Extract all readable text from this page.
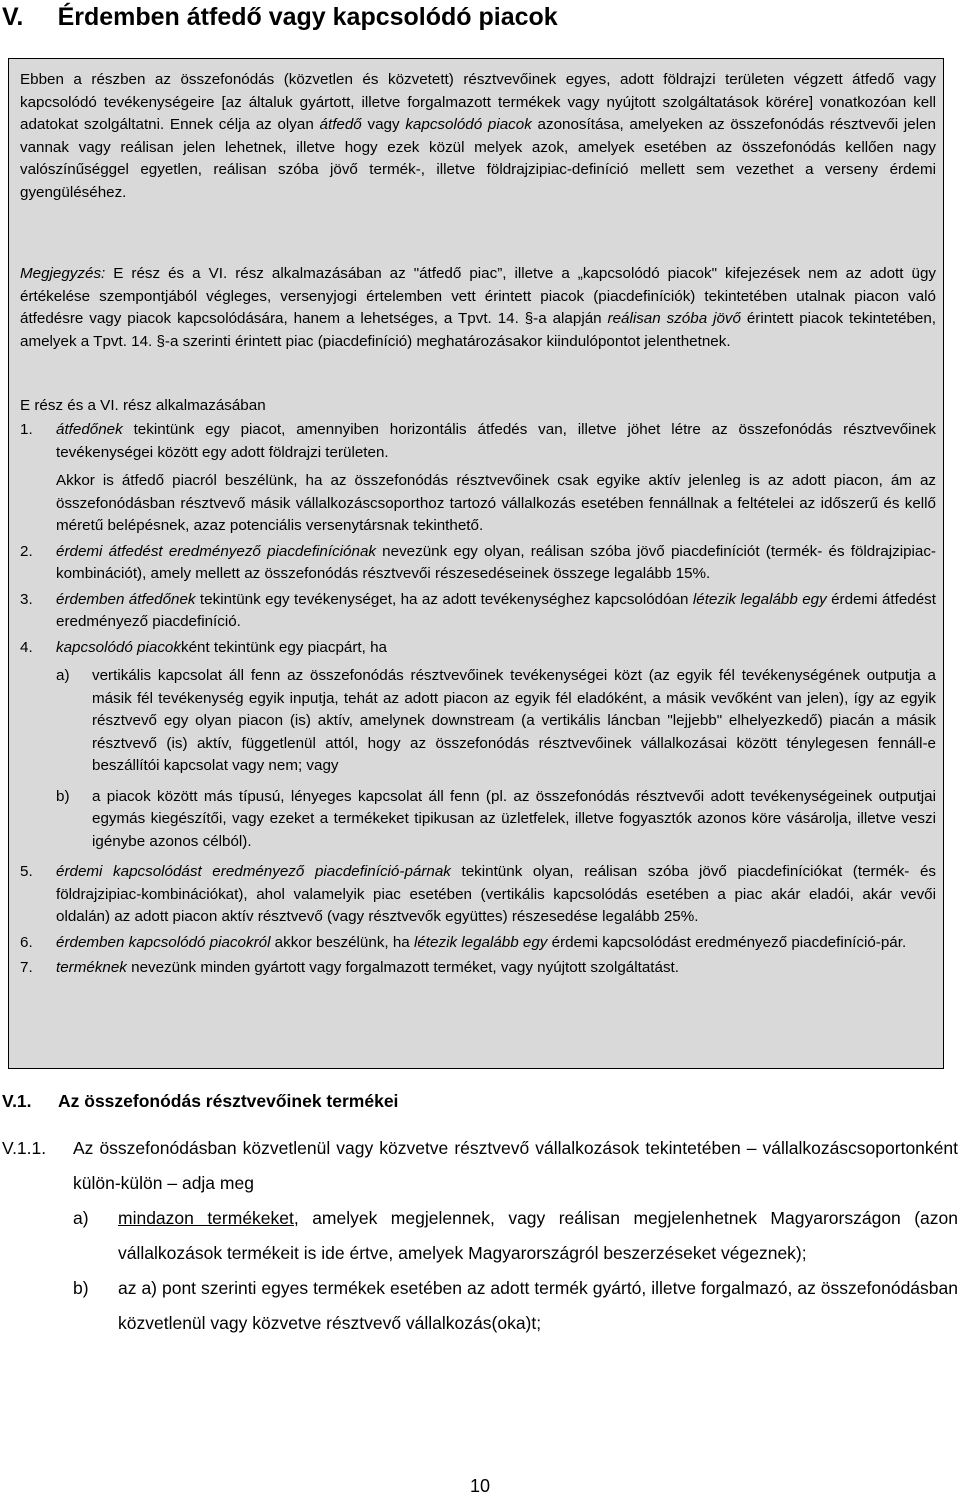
V.	Érdemben átfedő vagy kapcsolódó piacok

Ebben a részben az összefonódás (közvetlen és közvetett) résztvevőinek egyes, adott földrajzi területen végzett átfedő vagy kapcsolódó tevékenységeire [az általuk gyártott, illetve forgalmazott termékek vagy nyújtott szolgáltatások körére] vonatkozóan kell adatokat szolgáltatni. Ennek célja az olyan átfedő vagy kapcsolódó piacok azonosítása, amelyeken az összefonódás résztvevői jelen vannak vagy reálisan jelen lehetnek, illetve hogy ezek közül melyek azok, amelyek esetében az összefonódás kellően nagy valószínűséggel egyetlen, reálisan szóba jövő termék-, illetve földrajzipiac-definíció mellett sem vezethet a verseny érdemi gyengüléséhez.

Megjegyzés: E rész és a VI. rész alkalmazásában az "átfedő piac”, illetve a „kapcsolódó piacok" kifejezések nem az adott ügy értékelése szempontjából végleges, versenyjogi értelemben vett érintett piacok (piacdefiníciók) tekintetében utalnak piacon való átfedésre vagy piacok kapcsolódására, hanem a lehetséges, a Tpvt. 14. §-a alapján reálisan szóba jövő érintett piacok tekintetében, amelyek a Tpvt. 14. §-a szerinti érintett piac (piacdefiníció) meghatározásakor kiindulópontot jelenthetnek.

E rész és a VI. rész alkalmazásában

1. átfedőnek tekintünk egy piacot, amennyiben horizontális átfedés van, illetve jöhet létre az összefonódás résztvevőinek tevékenységei között egy adott földrajzi területen.
Akkor is átfedő piacról beszélünk, ha az összefonódás résztvevőinek csak egyike aktív jelenleg is az adott piacon, ám az összefonódásban résztvevő másik vállalkozáscsoporthoz tartozó vállalkozás esetében fennállnak a feltételei az időszerű és kellő méretű belépésnek, azaz potenciális versenytársnak tekinthető.
2. érdemi átfedést eredményező piacdefiníciónak nevezünk egy olyan, reálisan szóba jövő piacdefiníciót (termék- és földrajzipiac-kombinációt), amely mellett az összefonódás résztvevői részesedéseinek összege legalább 15%.
3. érdemben átfedőnek tekintünk egy tevékenységet, ha az adott tevékenységhez kapcsolódóan létezik legalább egy érdemi átfedést eredményező piacdefiníció.
4. kapcsolódó piacokként tekintünk egy piacpárt, ha
a) vertikális kapcsolat áll fenn az összefonódás résztvevőinek tevékenységei közt (az egyik fél tevékenységének outputja a másik fél tevékenység egyik inputja, tehát az adott piacon az egyik fél eladóként, a másik vevőként van jelen), így az egyik résztvevő egy olyan piacon (is) aktív, amelynek downstream (a vertikális láncban "lejjebb" elhelyezkedő) piacán a másik résztvevő (is) aktív, függetlenül attól, hogy az összefonódás résztvevőinek vállalkozásai között ténylegesen fennáll-e beszállítói kapcsolat vagy nem; vagy
b) a piacok között más típusú, lényeges kapcsolat áll fenn (pl. az összefonódás résztvevői adott tevékenységeinek outputjai egymás kiegészítői, vagy ezeket a termékeket tipikusan az üzletfelek, illetve fogyasztók azonos köre vásárolja, illetve veszi igénybe azonos célból).
5. érdemi kapcsolódást eredményező piacdefiníció-párnak tekintünk olyan, reálisan szóba jövő piacdefiníciókat (termék- és földrajzipiac-kombinációkat), ahol valamelyik piac esetében (vertikális kapcsolódás esetében a piac akár eladói, akár vevői oldalán) az adott piacon aktív résztvevő (vagy résztvevők együttes) részesedése legalább 25%.
6. érdemben kapcsolódó piacokról akkor beszélünk, ha létezik legalább egy érdemi kapcsolódást eredményező piacdefiníció-pár.
7. terméknek nevezünk minden gyártott vagy forgalmazott terméket, vagy nyújtott szolgáltatást.
V.1. Az összefonódás résztvevőinek termékei
V.1.1. Az összefonódásban közvetlenül vagy közvetve résztvevő vállalkozások tekintetében – vállalkozáscsoportonként külön-külön – adja meg
a) mindazon termékeket, amelyek megjelennek, vagy reálisan megjelenhetnek Magyarországon (azon vállalkozások termékeit is ide értve, amelyek Magyarországról beszerzéseket végeznek);
b) az a) pont szerinti egyes termékek esetében az adott termék gyártó, illetve forgalmazó, az összefonódásban közvetlenül vagy közvetve résztvevő vállalkozás(oka)t;
10
